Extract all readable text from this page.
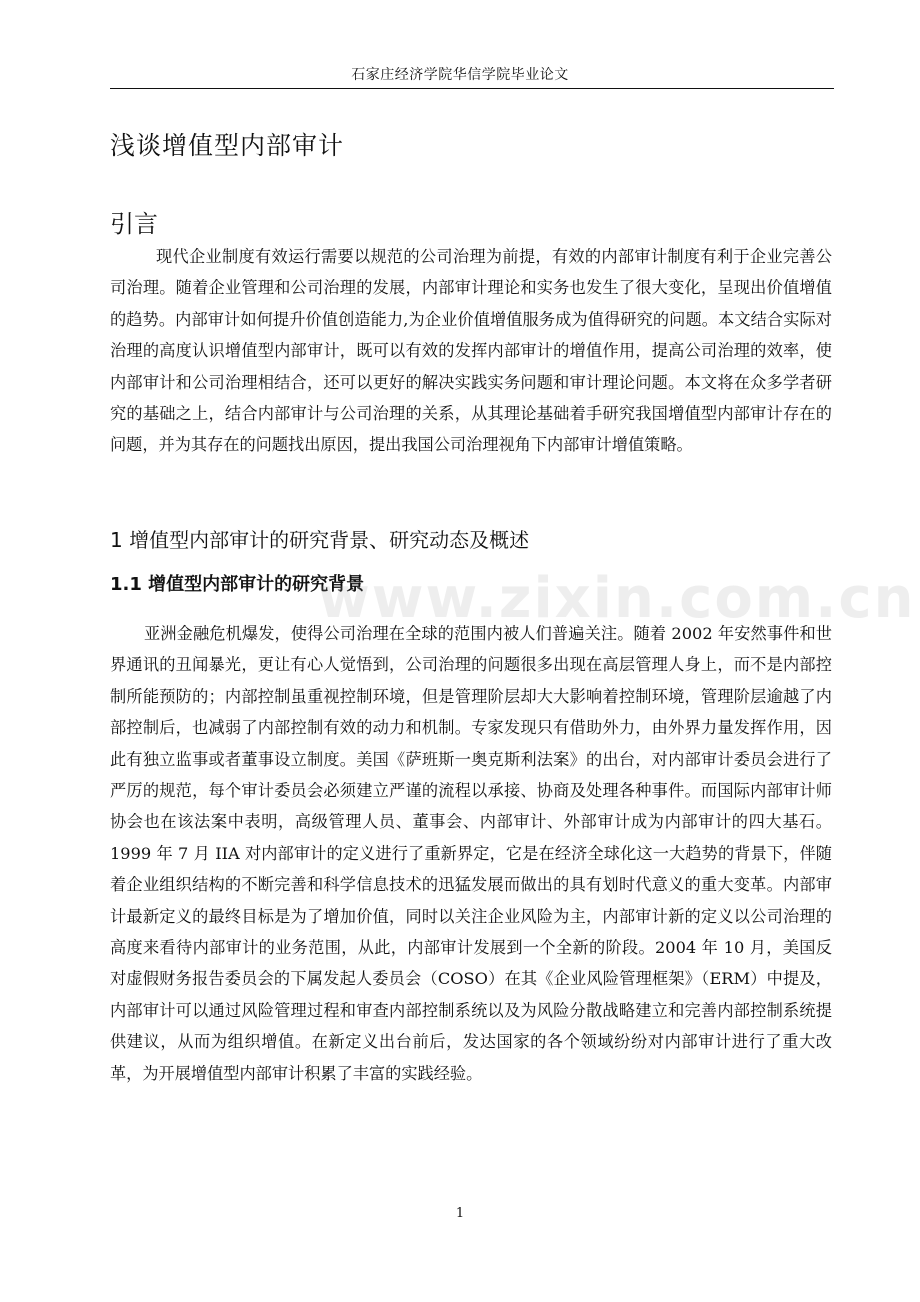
石家庄经济学院华信学院毕业论文
浅谈增值型内部审计
引言

现代企业制度有效运行需要以规范的公司治理为前提，有效的内部审计制度有利于企业完善公司治理。随着企业管理和公司治理的发展，内部审计理论和实务也发生了很大变化，呈现出价值增值的趋势。内部审计如何提升价值创造能力,为企业价值增值服务成为值得研究的问题。本文结合实际对治理的高度认识增值型内部审计，既可以有效的发挥内部审计的增值作用，提高公司治理的效率，使内部审计和公司治理相结合，还可以更好的解决实践实务问题和审计理论问题。本文将在众多学者研究的基础之上，结合内部审计与公司治理的关系，从其理论基础着手研究我国增值型内部审计存在的问题，并为其存在的问题找出原因，提出我国公司治理视角下内部审计增值策略。

1 增值型内部审计的研究背景、研究动态及概述
1.1 增值型内部审计的研究背景
www.zixin.com.cn

亚洲金融危机爆发，使得公司治理在全球的范围内被人们普遍关注。随着 2002 年安然事件和世界通讯的丑闻暴光，更让有心人觉悟到，公司治理的问题很多出现在高层管理人身上，而不是内部控制所能预防的；内部控制虽重视控制环境，但是管理阶层却大大影响着控制环境，管理阶层逾越了内部控制后，也减弱了内部控制有效的动力和机制。专家发现只有借助外力，由外界力量发挥作用，因此有独立监事或者董事设立制度。美国《萨班斯一奥克斯利法案》的出台，对内部审计委员会进行了严厉的规范，每个审计委员会必须建立严谨的流程以承接、协商及处理各种事件。而国际内部审计师协会也在该法案中表明，高级管理人员、董事会、内部审计、外部审计成为内部审计的四大基石。1999 年 7 月 IIA 对内部审计的定义进行了重新界定，它是在经济全球化这一大趋势的背景下，伴随着企业组织结构的不断完善和科学信息技术的迅猛发展而做出的具有划时代意义的重大变革。内部审计最新定义的最终目标是为了增加价值，同时以关注企业风险为主，内部审计新的定义以公司治理的高度来看待内部审计的业务范围，从此，内部审计发展到一个全新的阶段。2004 年 10 月，美国反对虚假财务报告委员会的下属发起人委员会（COSO）在其《企业风险管理框架》（ERM）中提及，内部审计可以通过风险管理过程和审查内部控制系统以及为风险分散战略建立和完善内部控制系统提供建议，从而为组织增值。在新定义出台前后，发达国家的各个领域纷纷对内部审计进行了重大改革，为开展增值型内部审计积累了丰富的实践经验。

1
